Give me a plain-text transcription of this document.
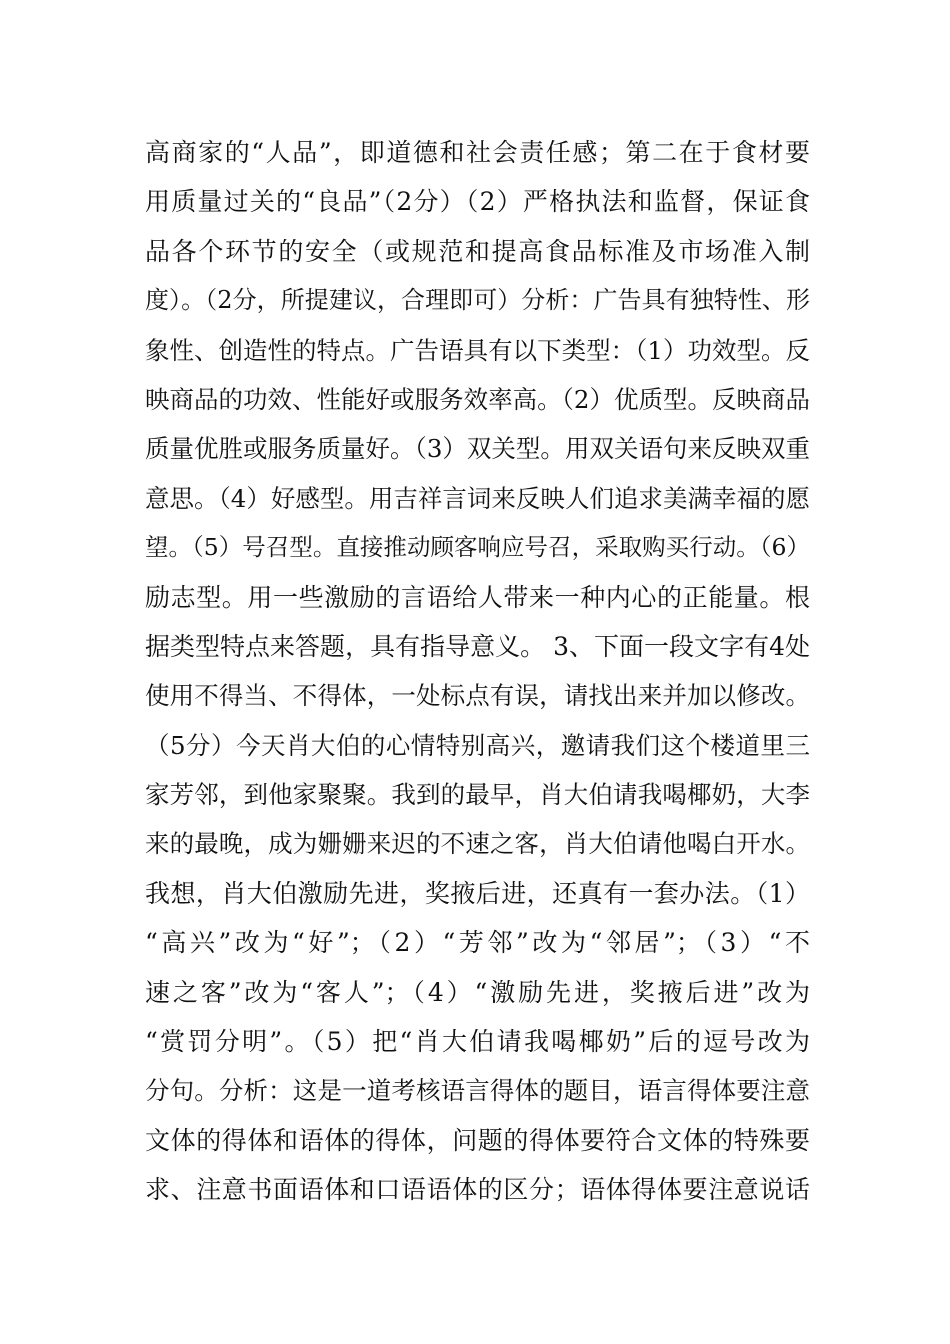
高商家的“人品”，即道德和社会责任感；第二在于食材要
用质量过关的“良品”（2分）（2）严格执法和监督，保证食
品各个环节的安全（或规范和提高食品标准及市场准入制
度）。（2分，所提建议，合理即可）分析：广告具有独特性、形
象性、创造性的特点。广告语具有以下类型：（1）功效型。反
映商品的功效、性能好或服务效率高。（2）优质型。反映商品
质量优胜或服务质量好。（3）双关型。用双关语句来反映双重
意思。（4）好感型。用吉祥言词来反映人们追求美满幸福的愿
望。（5）号召型。直接推动顾客响应号召，采取购买行动。（6）
励志型。用一些激励的言语给人带来一种内心的正能量。根
据类型特点来答题，具有指导意义。 3、下面一段文字有4处
使用不得当、不得体，一处标点有误，请找出来并加以修改。
（5分）今天肖大伯的心情特别高兴，邀请我们这个楼道里三
家芳邻，到他家聚聚。我到的最早，肖大伯请我喝椰奶，大李
来的最晚，成为姗姗来迟的不速之客，肖大伯请他喝白开水。
我想，肖大伯激励先进，奖掖后进，还真有一套办法。（1）
“高兴”改为“好”；（2）“芳邻”改为“邻居”；（3）“不
速之客”改为“客人”；（4）“激励先进，奖掖后进”改为
“赏罚分明”。（5）把“肖大伯请我喝椰奶”后的逗号改为
分句。分析：这是一道考核语言得体的题目，语言得体要注意
文体的得体和语体的得体，问题的得体要符合文体的特殊要
求、注意书面语体和口语语体的区分；语体得体要注意说话
